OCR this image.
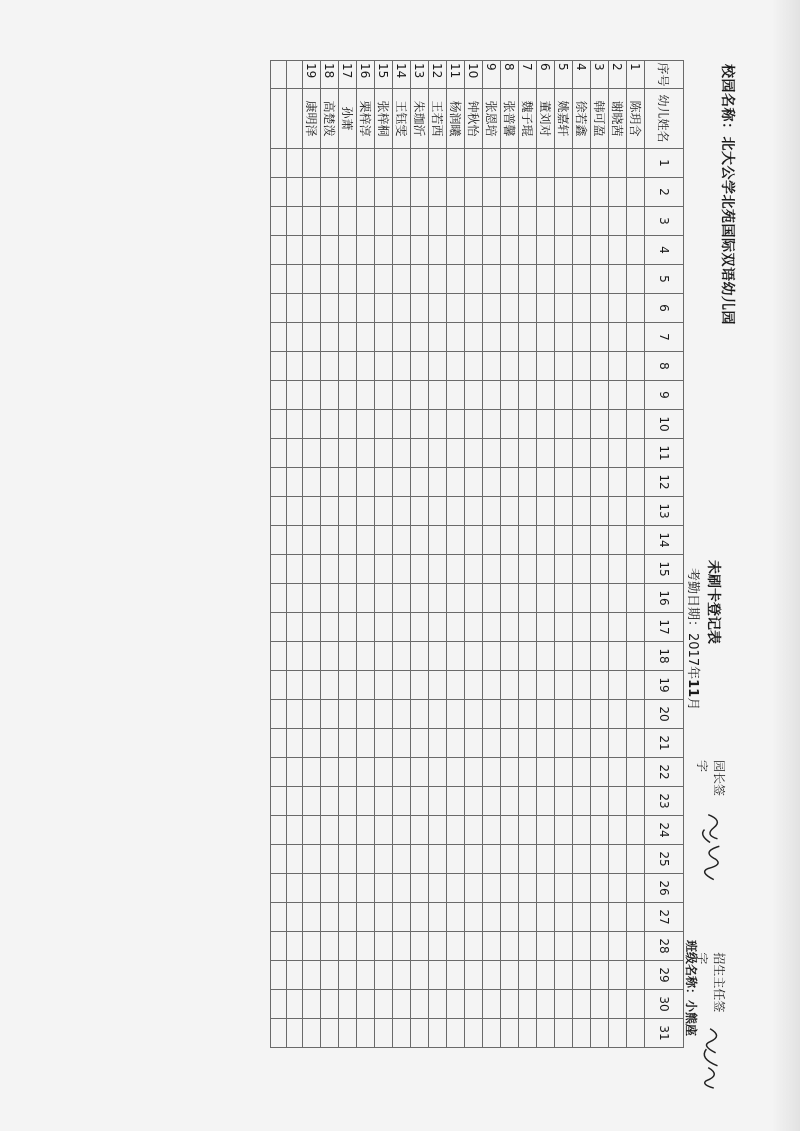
校园名称：北大公学北苑国际双语幼儿园
未刷卡登记表
考勤日期：2017年11月
园长签字
招生主任签字
班级名称：小熊座
序号	幼儿姓名	1	2	3	4	5	6	7	8	9	10	11	12	13	14	15	16	17	18	19	20	21	22	23	24	25	26	27	28	29	30	31
1	陈玥含																															
2	谢晓茜																															
3	韩可盈																															
4	徐若鑫																															
5	姚嘉轩																															
6	董刘对																															
7	魏子琨																															
8	张普馨																															
9	张恩培																															
10	钟秋怡																															
11	杨润曦																															
12	王若西																															
13	朱珈沂																															
14	王钰雯																															
15	张梓桐																															
16	栗梓淳																															
17	孙萧																															
18	高楚泼																															
19	康明泽																															
